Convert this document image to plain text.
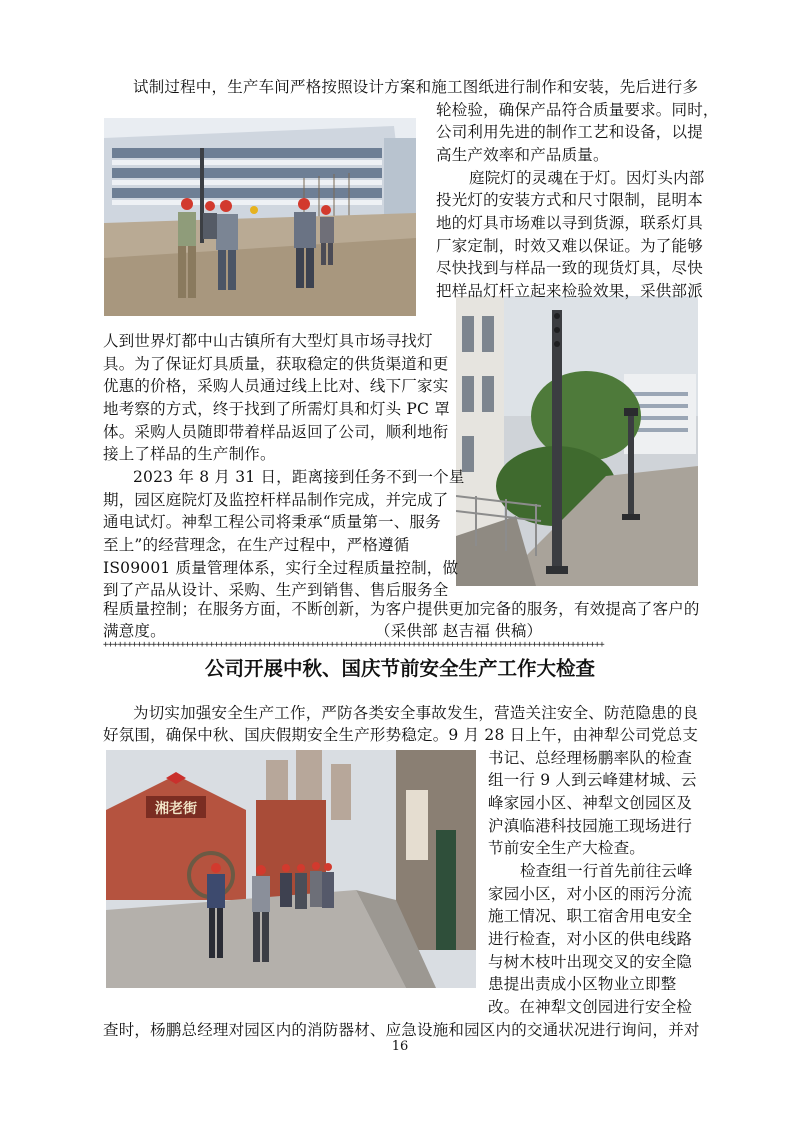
湘老街
试制过程中，生产车间严格按照设计方案和施工图纸进行制作和安装，先后进行多
轮检验，确保产品符合质量要求。同时，
公司利用先进的制作工艺和设备，以提
高生产效率和产品质量。
庭院灯的灵魂在于灯。因灯头内部
投光灯的安装方式和尺寸限制，昆明本
地的灯具市场难以寻到货源，联系灯具
厂家定制，时效又难以保证。为了能够
尽快找到与样品一致的现货灯具，尽快
把样品灯杆立起来检验效果，采供部派
人到世界灯都中山古镇所有大型灯具市场寻找灯
具。为了保证灯具质量，获取稳定的供货渠道和更
优惠的价格，采购人员通过线上比对、线下厂家实
地考察的方式，终于找到了所需灯具和灯头 PC 罩
体。采购人员随即带着样品返回了公司，顺利地衔
接上了样品的生产制作。
2023 年 8 月 31 日，距离接到任务不到一个星
期，园区庭院灯及监控杆样品制作完成，并完成了
通电试灯。神犁工程公司将秉承“质量第一、服务
至上”的经营理念，在生产过程中，严格遵循
IS09001 质量管理体系，实行全过程质量控制，做
到了产品从设计、采购、生产到销售、售后服务全
程质量控制；在服务方面，不断创新，为客户提供更加完备的服务，有效提高了客户的
满意度。	（采供部 赵吉福 供稿）
++++++++++++++++++++++++++++++++++++++++++++++++++++++++++++++++++++++++++++++++++++++++++++++++++++++++
公司开展中秋、国庆节前安全生产工作大检查
为切实加强安全生产工作，严防各类安全事故发生，营造关注安全、防范隐患的良
好氛围，确保中秋、国庆假期安全生产形势稳定。9 月 28 日上午，由神犁公司党总支
书记、总经理杨鹏率队的检查
组一行 9 人到云峰建材城、云
峰家园小区、神犁文创园区及
沪滇临港科技园施工现场进行
节前安全生产大检查。
检查组一行首先前往云峰
家园小区，对小区的雨污分流
施工情况、职工宿舍用电安全
进行检查，对小区的供电线路
与树木枝叶出现交叉的安全隐
患提出责成小区物业立即整
改。在神犁文创园进行安全检
查时，杨鹏总经理对园区内的消防器材、应急设施和园区内的交通状况进行询问，并对
16
